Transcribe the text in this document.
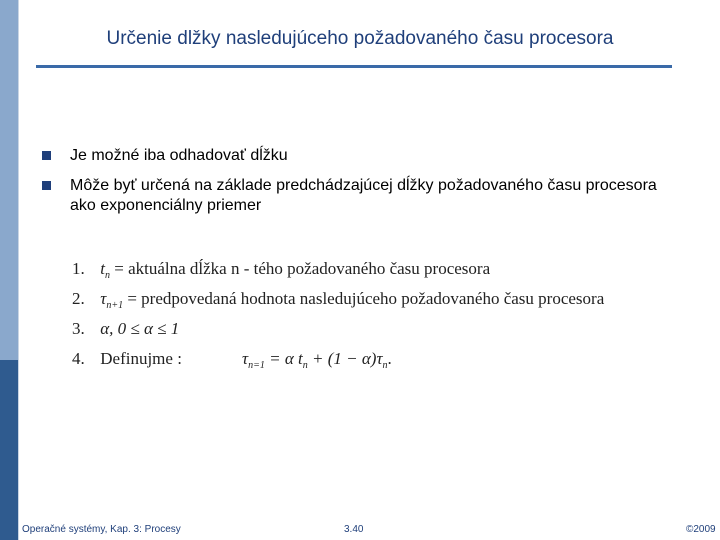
Určenie dlžky nasledujúceho požadovaného času procesora
Je možné iba odhadovať dĺžku
Môže byť určená na základe predchádzajúcej dĺžky požadovaného času procesora ako exponenciálny priemer
1. $t_n$ = aktuálna dĺžka n - tého požadovaného času procesora
2. $\tau_{n+1}$ = predpovedaná hodnota nasledujúceho požadovaného času procesora
3. α, 0 ≤ α ≤ 1
4. Definujme :	$\tau_{n=1} = \alpha$ $t_n + (1 - \alpha)\tau_n$.
Operačné systémy, Kap. 3: Procesy	3.40	©2009
